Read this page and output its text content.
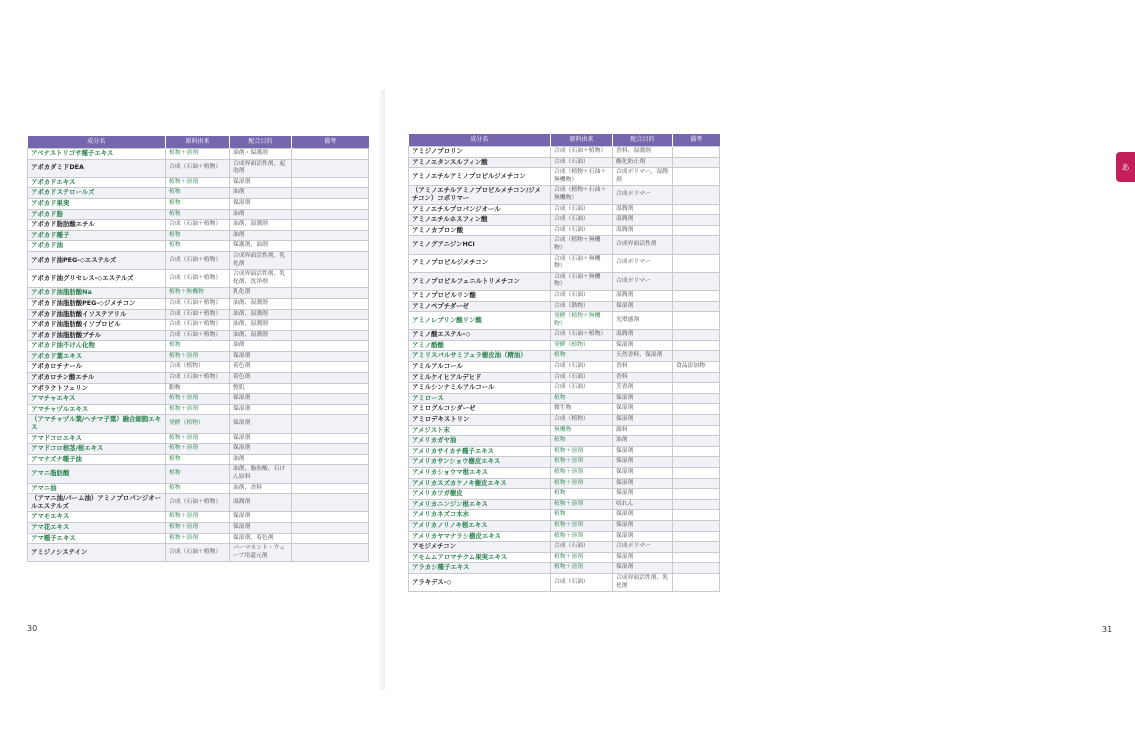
成分名	原料由来	配合目的	備考
アベナストリゴサ種子エキス	植物＋溶剤	油剤・保護剤	
アボカダミドDEA	合成（石油＋植物）	合成界面活性剤、起泡剤	
アボカドエキス	植物＋溶剤	保湿剤	
アボカドステロールズ	植物	油剤	
アボカド果実	植物	保湿剤	
アボカド脂	植物	油剤	
アボカド脂肪酸エチル	合成（石油＋植物）	油剤、湿潤剤	
アボカド種子	植物	油剤	
アボカド油	植物	保護剤、油剤	
アボカド油PEG-◇エステルズ	合成（石油＋植物）	合成界面活性剤、乳化剤	
アボカド油グリセレス-◇エステルズ	合成（石油＋植物）	合成界面活性剤、乳化剤、洗浄剤	
アボカド油脂肪酸Na	植物＋無機物	乳化剤	
アボカド油脂肪酸PEG-◇ジメチコン	合成（石油＋植物）	油剤、湿潤剤	
アボカド油脂肪酸イソステアリル	合成（石油＋植物）	油剤、湿潤剤	
アボカド油脂肪酸イソプロピル	合成（石油＋植物）	油剤、湿潤剤	
アボカド油脂肪酸ブチル	合成（石油＋植物）	油剤、湿潤剤	
アボカド油不けん化物	植物	油剤	
アボカド葉エキス	植物＋溶剤	保湿剤	
アボカロチナール	合成（植物）	着色剤	
アボカロチン酸エチル	合成（石油＋植物）	着色剤	
アポラクトフェリン	動物	整肌	
アマチャエキス	植物＋溶剤	保湿剤	
アマチャヅルエキス	植物＋溶剤	保湿剤	
（アマチャヅル葉/ヘチマ子葉）融合細胞エキス	発酵（植物）	保湿剤	
アマドコロエキス	植物＋溶剤	保湿剤	
アマドコロ根茎/根エキス	植物＋溶剤	保湿剤	
アマナズナ種子油	植物	油剤	
アマニ脂肪酸	植物	油剤、脂肪酸、石けん原料	
アマニ油	植物	油剤、香料	
（アマニ油/パーム油）アミノプロパンジオールエステルズ	合成（石油＋植物）	湿潤剤	
アマモエキス	植物＋溶剤	保湿剤	
アマ花エキス	植物＋溶剤	保湿剤	
アマ種子エキス	植物＋溶剤	保湿剤、着色剤	
アミジノシステイン	合成（石油＋植物）	パーマネント・ウェーブ用還元剤	
30
あ
31
成分名	原料由来	配合目的	備考
アミジノプロリン	合成（石油＋植物）	香料、湿潤剤	
アミノエタンスルフィン酸	合成（石油）	酸化防止剤	
アミノエチルアミノプロピルジメチコン	合成（植物＋石油＋無機物）	合成ポリマー、湿潤剤	
（アミノエチルアミノプロピルメチコン/ジメチコン）コポリマー	合成（植物＋石油＋無機物）	合成ポリマー	
アミノエチルプロパンジオール	合成（石油）	湿潤剤	
アミノエチルホスフィン酸	合成（石油）	湿潤剤	
アミノカプロン酸	合成（石油）	湿潤剤	
アミノグアニジンHCl	合成（植物＋無機物）	合成界面活性剤	
アミノプロピルジメチコン	合成（石油＋無機物）	合成ポリマー	
アミノプロピルフェニルトリメチコン	合成（石油＋無機物）	合成ポリマー	
アミノプロピルリン酸	合成（石油）	湿潤剤	
アミノペプチダーゼ	合成（動物）	保湿剤	
アミノレブリン酸リン酸	発酵（植物＋無機物）	光増感剤	
アミノ酸エステル-◇	合成（石油＋植物）	湿潤剤	
アミノ酪酸	発酵（植物）	保湿剤	
アミリスバルサミフェラ樹皮油（精油）	植物	天然香料、保湿剤	
アミルアルコール	合成（石油）	香料	食品添加物
アミルケイヒアルデヒド	合成（石油）	香料	
アミルシンナミルアルコール	合成（石油）	芳香剤	
アミロース	植物	保湿剤	
アミログルコシダーゼ	微生物	保湿剤	
アミロデキストリン	合成（植物）	保湿剤	
アメジスト末	無機物	顔料	
アメリカガヤ油	植物	油剤	
アメリカサイカチ種子エキス	植物＋溶剤	保湿剤	
アメリカサンショウ樹皮エキス	植物＋溶剤	保湿剤	
アメリカショウマ根エキス	植物＋溶剤	保湿剤	
アメリカスズカケノキ樹皮エキス	植物＋溶剤	保湿剤	
アメリカツガ樹皮	植物	保湿剤	
アメリカニンジン根エキス	植物＋溶剤	収れん	
アメリカネズコ木水	植物	保湿剤	
アメリカノリノキ根エキス	植物＋溶剤	保湿剤	
アメリカヤマナラシ樹皮エキス	植物＋溶剤	保湿剤	
アモジメチコン	合成（石油）	合成ポリマー	
アモムムアロマチクム果実エキス	植物＋溶剤	保湿剤	
アラカシ種子エキス	植物＋溶剤	保湿剤	
アラキデス-◇	合成（石油）	合成界面活性剤、乳化剤	
